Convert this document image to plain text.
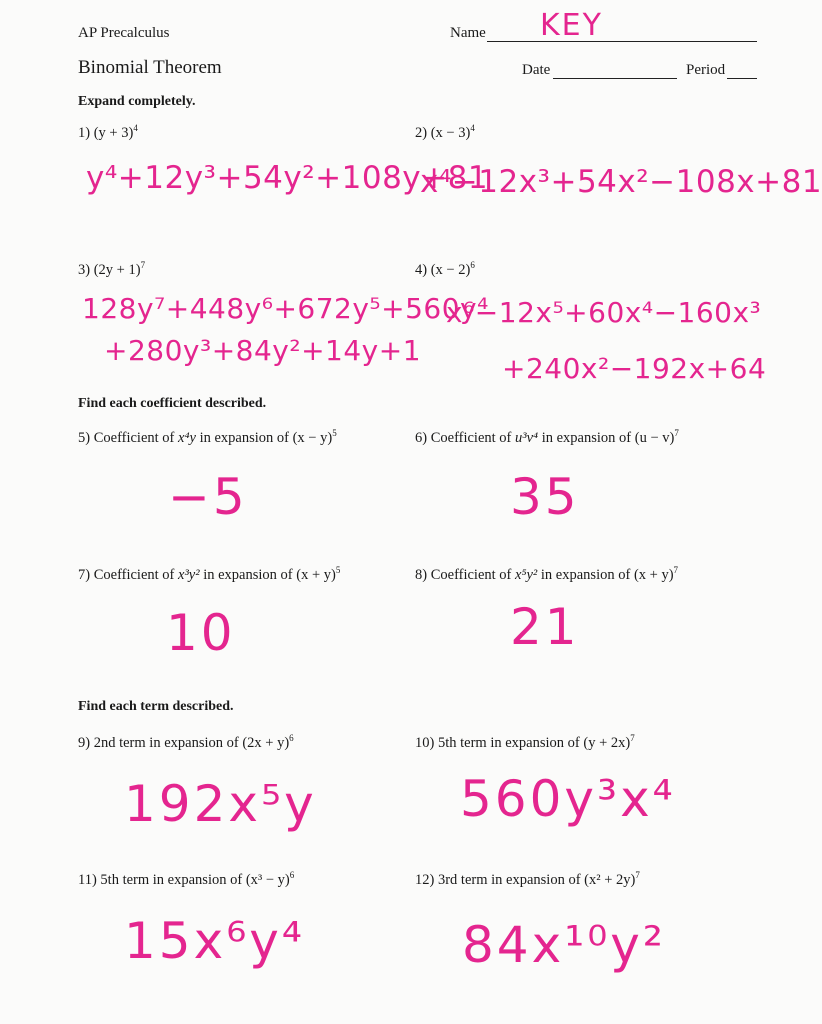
AP Precalculus	Name KEY
Binomial Theorem	Date	Period
Expand completely.
1) $(y + 3)^4$	2) $(x - 3)^4$
y⁴+12y³+54y²+108y+81
x⁴−12x³+54x²−108x+81
3) $(2y + 1)^7$	4) $(x - 2)^6$
128y⁷+448y⁶+672y⁵+560y⁴
+280y³+84y²+14y+1
x⁶−12x⁵+60x⁴−160x³
+240x²−192x+64
Find each coefficient described.
5) Coefficient of x⁴y in expansion of $(x - y)^5$	6) Coefficient of u³v⁴ in expansion of $(u - v)^7$
−5	35
7) Coefficient of x³y² in expansion of $(x + y)^5$	8) Coefficient of x⁵y² in expansion of $(x + y)^7$
10	21
Find each term described.
9) 2nd term in expansion of $(2x + y)^6$	10) 5th term in expansion of $(y + 2x)^7$
192x⁵y	560y³x⁴
11) 5th term in expansion of $(x^3 - y)^6$	12) 3rd term in expansion of $(x^2 + 2y)^7$
15x⁶y⁴	84x¹⁰y²
